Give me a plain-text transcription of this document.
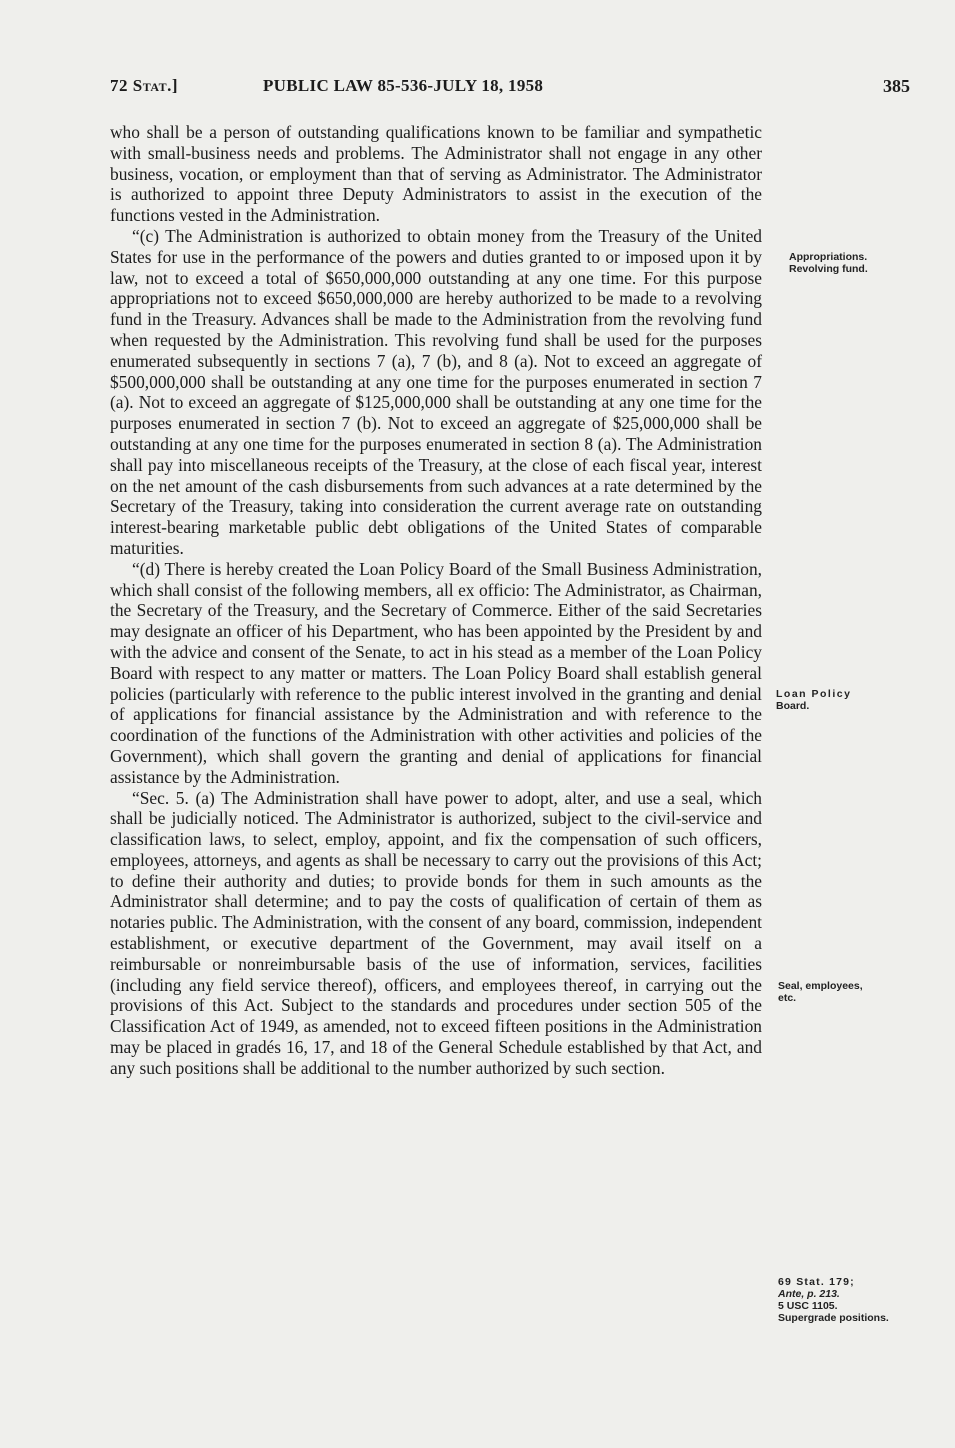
72 Stat.]	PUBLIC LAW 85-536-JULY 18, 1958	385

who shall be a person of outstanding qualifications known to be familiar and sympathetic with small-business needs and problems. The Administrator shall not engage in any other business, vocation, or employment than that of serving as Administrator. The Administrator is authorized to appoint three Deputy Administrators to assist in the execution of the functions vested in the Administration.

“(c) The Administration is authorized to obtain money from the Treasury of the United States for use in the performance of the powers and duties granted to or imposed upon it by law, not to exceed a total of $650,000,000 outstanding at any one time. For this purpose appropriations not to exceed $650,000,000 are hereby authorized to be made to a revolving fund in the Treasury. Advances shall be made to the Administration from the revolving fund when requested by the Administration. This revolving fund shall be used for the purposes enumerated subsequently in sections 7 (a), 7 (b), and 8 (a). Not to exceed an aggregate of $500,000,000 shall be outstanding at any one time for the purposes enumerated in section 7 (a). Not to exceed an aggregate of $125,000,000 shall be outstanding at any one time for the purposes enumerated in section 7 (b). Not to exceed an aggregate of $25,000,000 shall be outstanding at any one time for the purposes enumerated in section 8 (a). The Administration shall pay into miscellaneous receipts of the Treasury, at the close of each fiscal year, interest on the net amount of the cash disbursements from such advances at a rate determined by the Secretary of the Treasury, taking into consideration the current average rate on outstanding interest-bearing marketable public debt obligations of the United States of comparable maturities.

“(d) There is hereby created the Loan Policy Board of the Small Business Administration, which shall consist of the following members, all ex officio: The Administrator, as Chairman, the Secretary of the Treasury, and the Secretary of Commerce. Either of the said Secretaries may designate an officer of his Department, who has been appointed by the President by and with the advice and consent of the Senate, to act in his stead as a member of the Loan Policy Board with respect to any matter or matters. The Loan Policy Board shall establish general policies (particularly with reference to the public interest involved in the granting and denial of applications for financial assistance by the Administration and with reference to the coordination of the functions of the Administration with other activities and policies of the Government), which shall govern the granting and denial of applications for financial assistance by the Administration.

“Sec. 5. (a) The Administration shall have power to adopt, alter, and use a seal, which shall be judicially noticed. The Administrator is authorized, subject to the civil-service and classification laws, to select, employ, appoint, and fix the compensation of such officers, employees, attorneys, and agents as shall be necessary to carry out the provisions of this Act; to define their authority and duties; to provide bonds for them in such amounts as the Administrator shall determine; and to pay the costs of qualification of certain of them as notaries public. The Administration, with the consent of any board, commission, independent establishment, or executive department of the Government, may avail itself on a reimbursable or nonreimbursable basis of the use of information, services, facilities (including any field service thereof), officers, and employees thereof, in carrying out the provisions of this Act. Subject to the standards and procedures under section 505 of the Classification Act of 1949, as amended, not to exceed fifteen positions in the Administration may be placed in gradés 16, 17, and 18 of the General Schedule established by that Act, and any such positions shall be additional to the number authorized by such section.

Appropriations.
Revolving fund.
Loan Policy
Board.
Seal, employees,
etc.
69 Stat. 179;
Ante, p. 213.
5 USC 1105.
Supergrade positions.
